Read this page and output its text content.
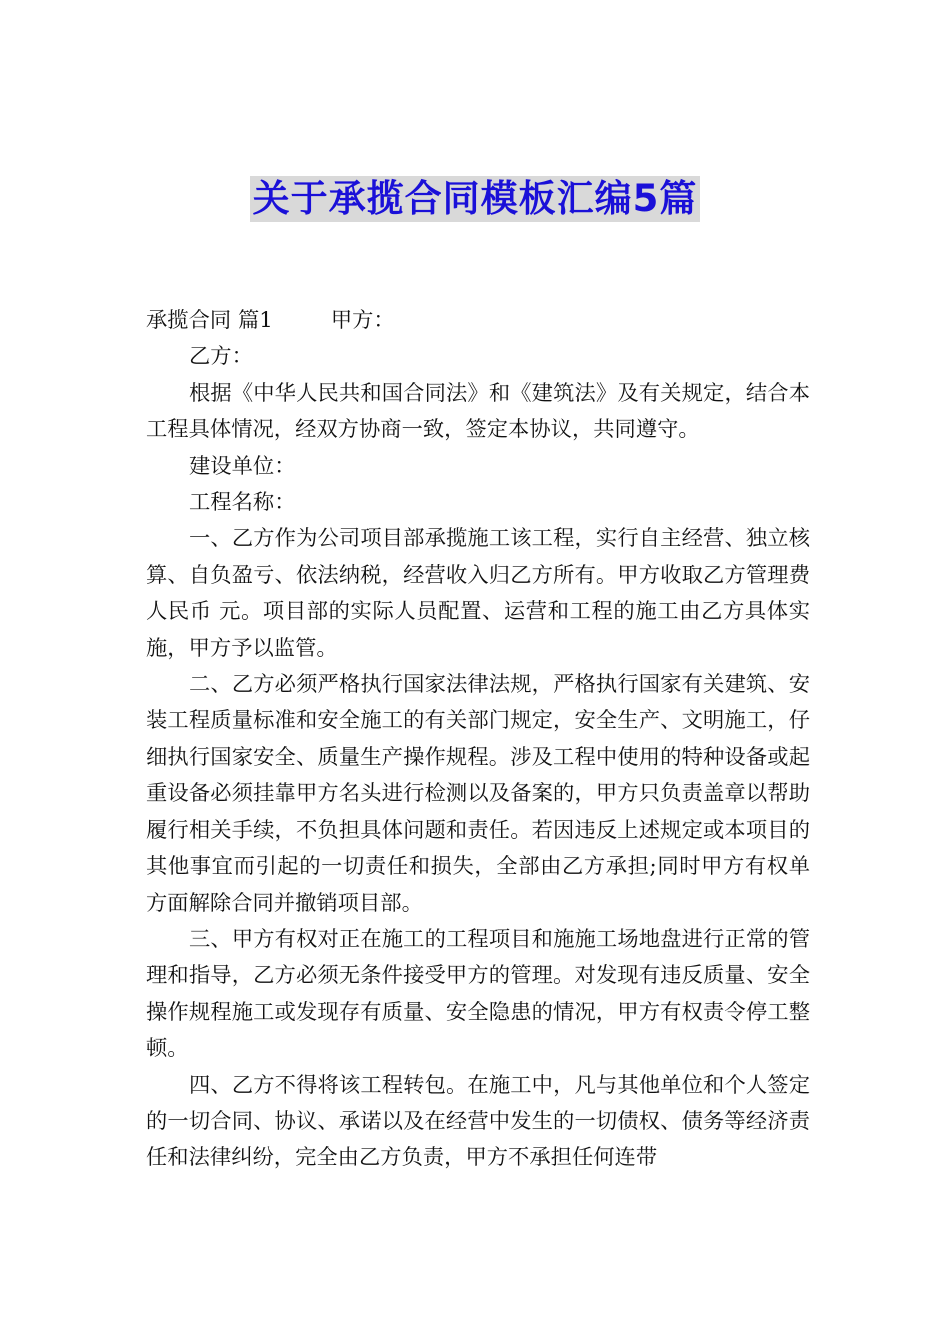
关于承揽合同模板汇编5篇

承揽合同 篇1	甲方：

乙方：

根据《中华人民共和国合同法》和《建筑法》及有关规定，结合本工程具体情况，经双方协商一致，签定本协议，共同遵守。

建设单位：

工程名称：

一、乙方作为公司项目部承揽施工该工程，实行自主经营、独立核算、自负盈亏、依法纳税，经营收入归乙方所有。甲方收取乙方管理费人民币 元。项目部的实际人员配置、运营和工程的施工由乙方具体实施，甲方予以监管。

二、乙方必须严格执行国家法律法规，严格执行国家有关建筑、安装工程质量标准和安全施工的有关部门规定，安全生产、文明施工，仔细执行国家安全、质量生产操作规程。涉及工程中使用的特种设备或起重设备必须挂靠甲方名头进行检测以及备案的，甲方只负责盖章以帮助履行相关手续，不负担具体问题和责任。若因违反上述规定或本项目的其他事宜而引起的一切责任和损失，全部由乙方承担;同时甲方有权单方面解除合同并撤销项目部。

三、甲方有权对正在施工的工程项目和施施工场地盘进行正常的管理和指导，乙方必须无条件接受甲方的管理。对发现有违反质量、安全操作规程施工或发现存有质量、安全隐患的情况，甲方有权责令停工整顿。

四、乙方不得将该工程转包。在施工中，凡与其他单位和个人签定的一切合同、协议、承诺以及在经营中发生的一切债权、债务等经济责任和法律纠纷，完全由乙方负责，甲方不承担任何连带
